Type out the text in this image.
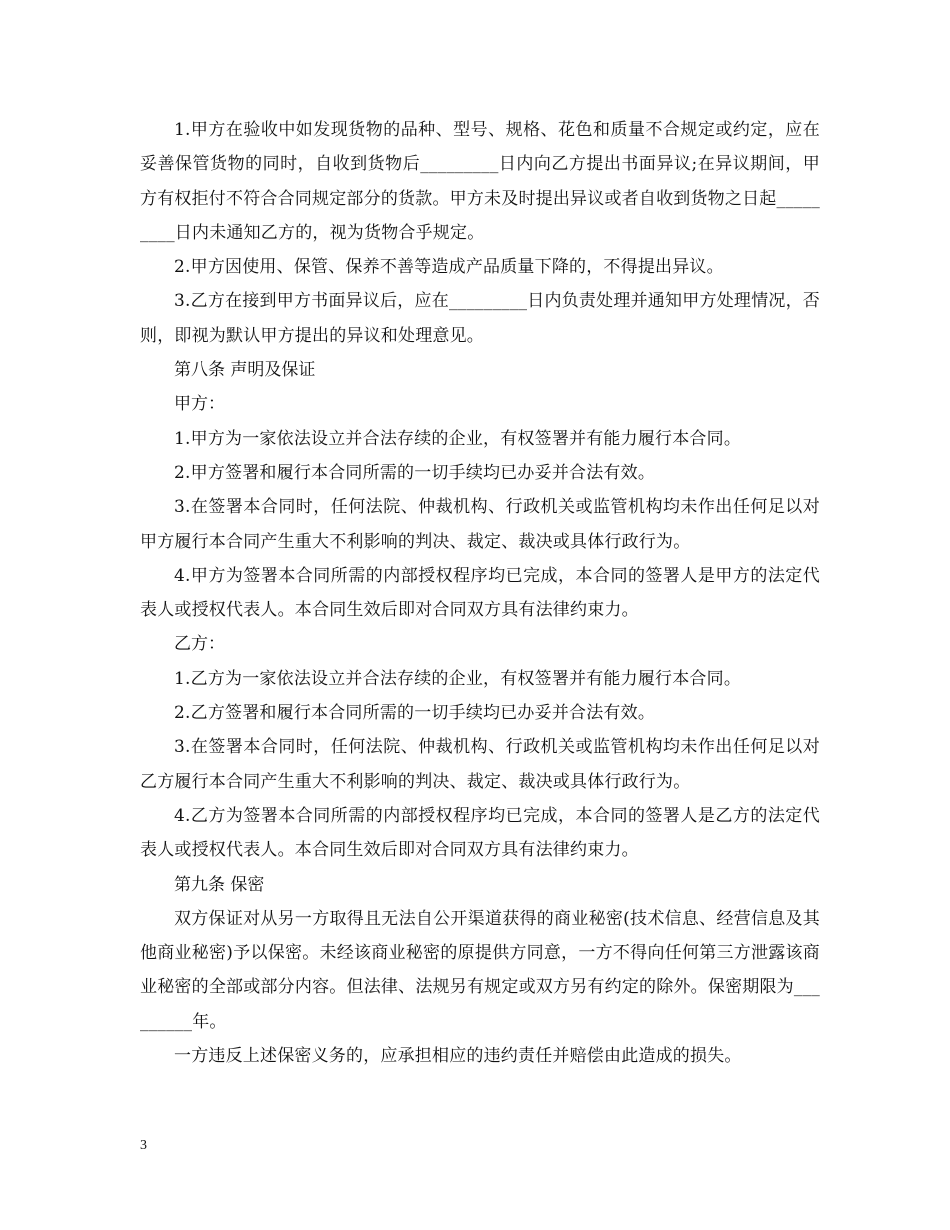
1.甲方在验收中如发现货物的品种、型号、规格、花色和质量不合规定或约定，应在妥善保管货物的同时，自收到货物后_________日内向乙方提出书面异议;在异议期间，甲方有权拒付不符合合同规定部分的货款。甲方未及时提出异议或者自收到货物之日起_________日内未通知乙方的，视为货物合乎规定。

2.甲方因使用、保管、保养不善等造成产品质量下降的，不得提出异议。

3.乙方在接到甲方书面异议后，应在_________日内负责处理并通知甲方处理情况，否则，即视为默认甲方提出的异议和处理意见。

第八条 声明及保证

甲方：

1.甲方为一家依法设立并合法存续的企业，有权签署并有能力履行本合同。

2.甲方签署和履行本合同所需的一切手续均已办妥并合法有效。

3.在签署本合同时，任何法院、仲裁机构、行政机关或监管机构均未作出任何足以对甲方履行本合同产生重大不利影响的判决、裁定、裁决或具体行政行为。

4.甲方为签署本合同所需的内部授权程序均已完成，本合同的签署人是甲方的法定代表人或授权代表人。本合同生效后即对合同双方具有法律约束力。

乙方：

1.乙方为一家依法设立并合法存续的企业，有权签署并有能力履行本合同。

2.乙方签署和履行本合同所需的一切手续均已办妥并合法有效。

3.在签署本合同时，任何法院、仲裁机构、行政机关或监管机构均未作出任何足以对乙方履行本合同产生重大不利影响的判决、裁定、裁决或具体行政行为。

4.乙方为签署本合同所需的内部授权程序均已完成，本合同的签署人是乙方的法定代表人或授权代表人。本合同生效后即对合同双方具有法律约束力。

第九条 保密

双方保证对从另一方取得且无法自公开渠道获得的商业秘密(技术信息、经营信息及其他商业秘密)予以保密。未经该商业秘密的原提供方同意，一方不得向任何第三方泄露该商业秘密的全部或部分内容。但法律、法规另有规定或双方另有约定的除外。保密期限为_________年。

一方违反上述保密义务的，应承担相应的违约责任并赔偿由此造成的损失。

3
